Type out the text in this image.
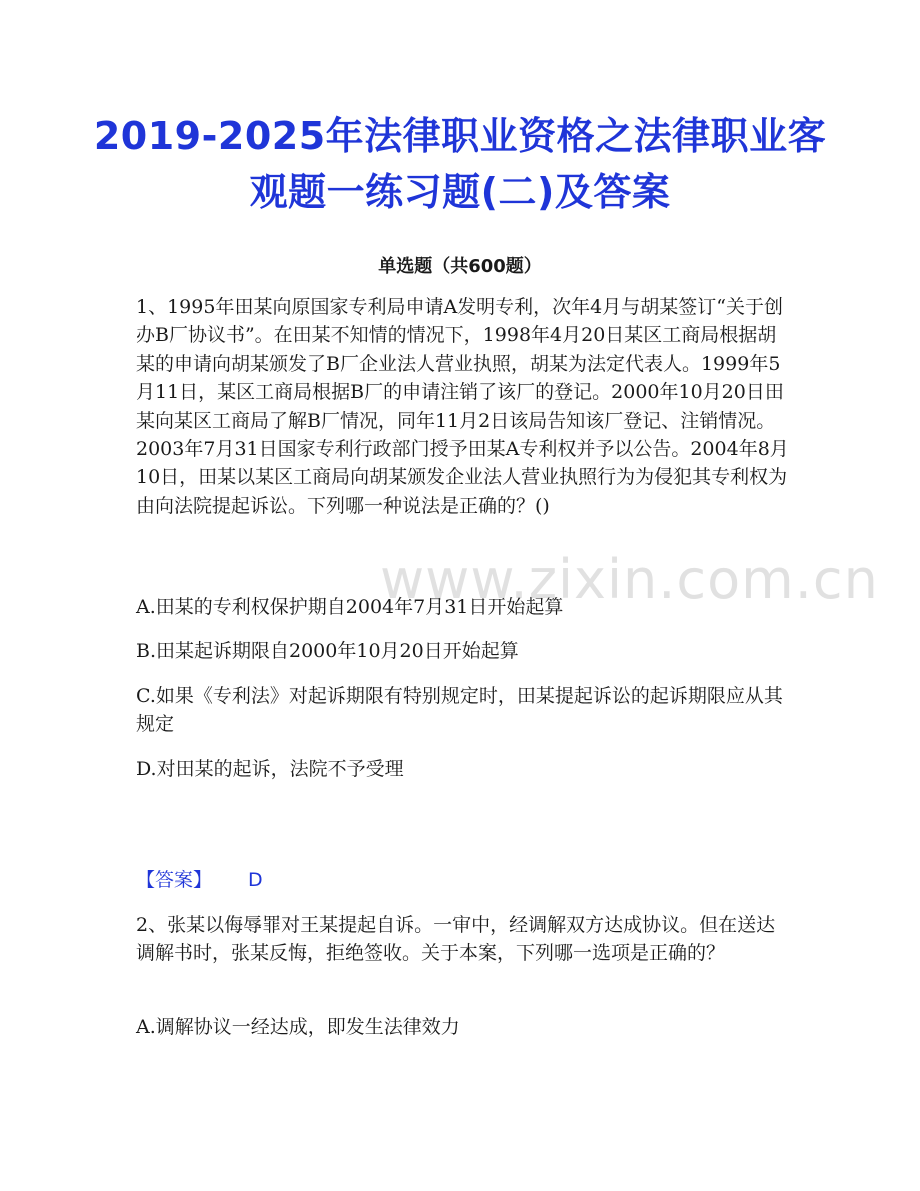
2019-2025年法律职业资格之法律职业客观题一练习题(二)及答案
单选题（共600题）
1、1995年田某向原国家专利局申请A发明专利，次年4月与胡某签订“关于创办B厂协议书”。在田某不知情的情况下，1998年4月20日某区工商局根据胡某的申请向胡某颁发了B厂企业法人营业执照，胡某为法定代表人。1999年5月11日，某区工商局根据B厂的申请注销了该厂的登记。2000年10月20日田某向某区工商局了解B厂情况，同年11月2日该局告知该厂登记、注销情况。2003年7月31日国家专利行政部门授予田某A专利权并予以公告。2004年8月10日，田某以某区工商局向胡某颁发企业法人营业执照行为为侵犯其专利权为由向法院提起诉讼。下列哪一种说法是正确的？()
A.田某的专利权保护期自2004年7月31日开始起算
B.田某起诉期限自2000年10月20日开始起算
C.如果《专利法》对起诉期限有特别规定时，田某提起诉讼的起诉期限应从其规定
D.对田某的起诉，法院不予受理
【答案】 D
2、张某以侮辱罪对王某提起自诉。一审中，经调解双方达成协议。但在送达调解书时，张某反悔，拒绝签收。关于本案，下列哪一选项是正确的？
A.调解协议一经达成，即发生法律效力
www.zixin.com.cn
